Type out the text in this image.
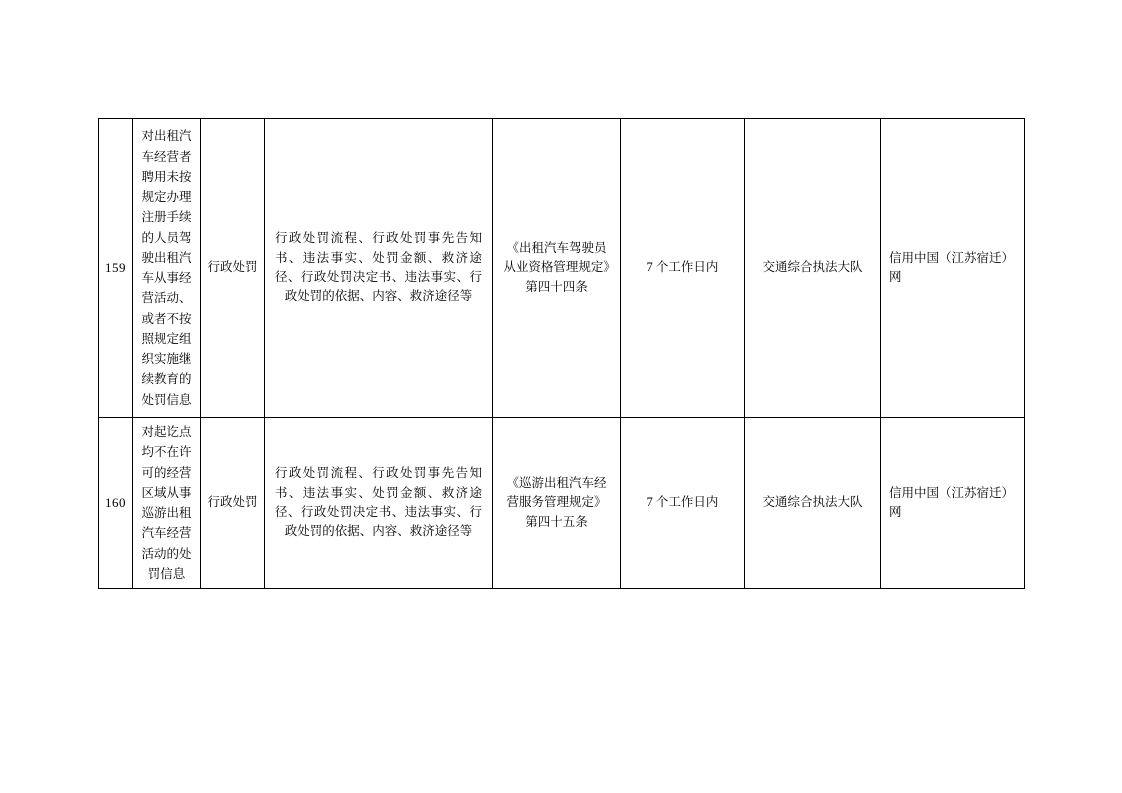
159	对出租汽车经营者聘用未按规定办理注册手续的人员驾驶出租汽车从事经营活动、或者不按照规定组织实施继续教育的处罚信息	行政处罚	行政处罚流程、行政处罚事先告知书、违法事实、处罚金额、救济途径、行政处罚决定书、违法事实、行政处罚的依据、内容、救济途径等	《出租汽车驾驶员从业资格管理规定》第四十四条	7 个工作日内	交通综合执法大队	信用中国（江苏宿迁）网
160	对起讫点均不在许可的经营区域从事巡游出租汽车经营活动的处罚信息	行政处罚	行政处罚流程、行政处罚事先告知书、违法事实、处罚金额、救济途径、行政处罚决定书、违法事实、行政处罚的依据、内容、救济途径等	《巡游出租汽车经营服务管理规定》第四十五条	7 个工作日内	交通综合执法大队	信用中国（江苏宿迁）网
